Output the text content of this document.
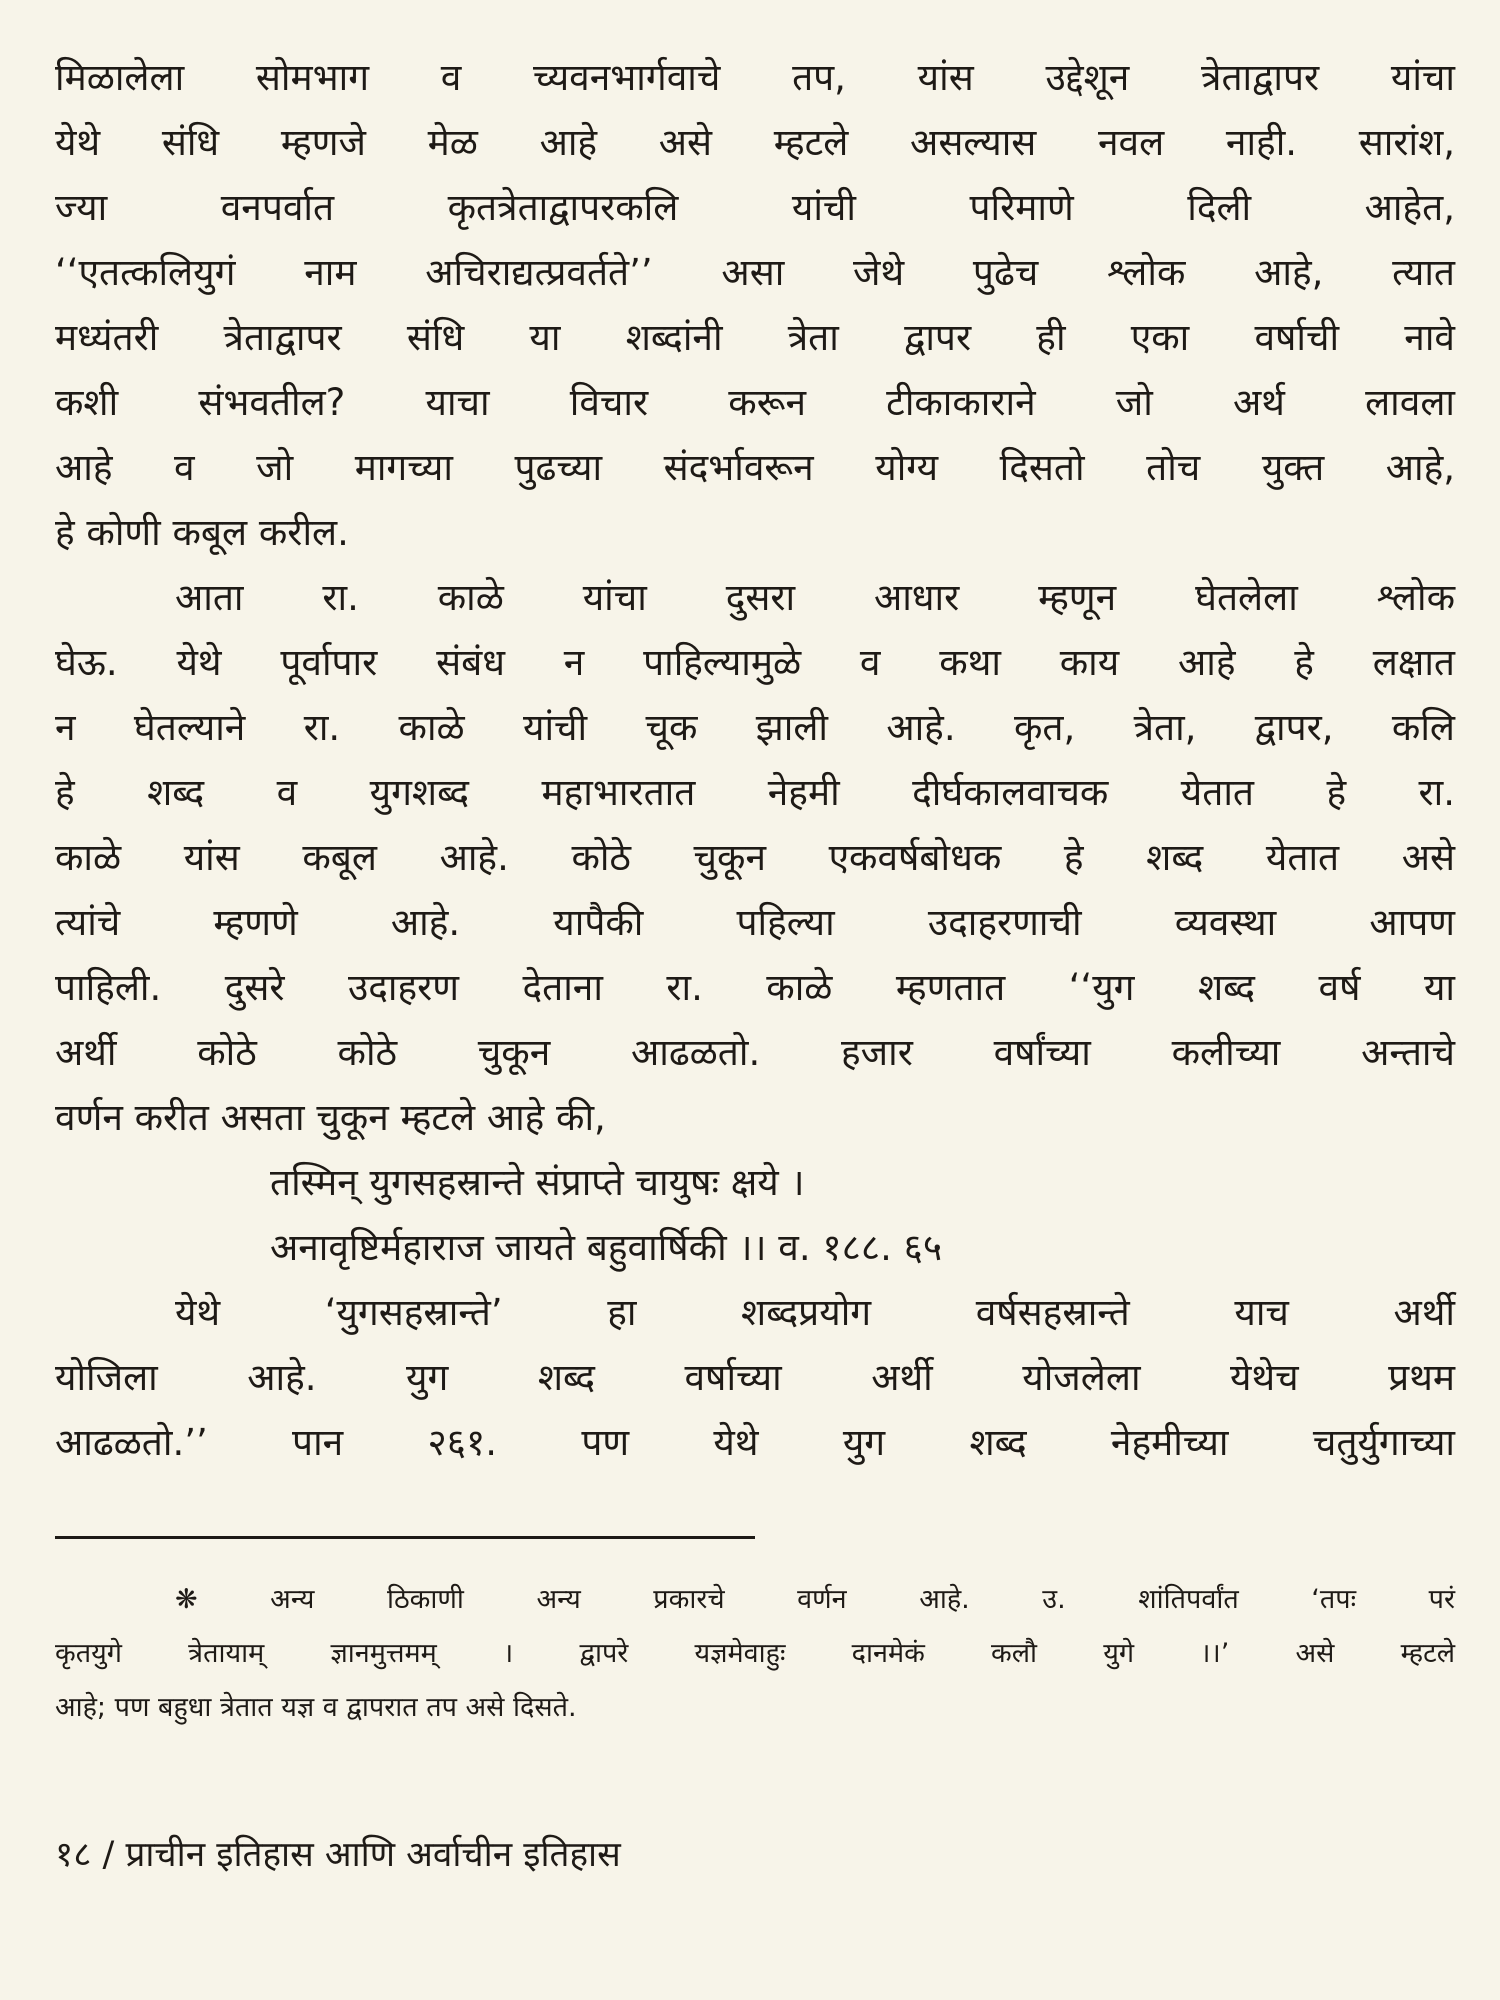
मिळालेला सोमभाग व च्यवनभार्गवाचे तप, यांस उद्देशून त्रेताद्वापर यांचा
येथे संधि म्हणजे मेळ आहे असे म्हटले असल्यास नवल नाही. सारांश,
ज्या वनपर्वात कृतत्रेताद्वापरकलि यांची परिमाणे दिली आहेत,
‘‘एतत्कलियुगं नाम अचिराद्यत्प्रवर्तते’’ असा जेथे पुढेच श्लोक आहे, त्यात
मध्यंतरी त्रेताद्वापर संधि या शब्दांनी त्रेता द्वापर ही एका वर्षाची नावे
कशी संभवतील? याचा विचार करून टीकाकाराने जो अर्थ लावला
आहे व जो मागच्या पुढच्या संदर्भावरून योग्य दिसतो तोच युक्त आहे,
हे कोणी कबूल करील.
आता रा. काळे यांचा दुसरा आधार म्हणून घेतलेला श्लोक
घेऊ. येथे पूर्वापार संबंध न पाहिल्यामुळे व कथा काय आहे हे लक्षात
न घेतल्याने रा. काळे यांची चूक झाली आहे. कृत, त्रेता, द्वापर, कलि
हे शब्द व युगशब्द महाभारतात नेहमी दीर्घकालवाचक येतात हे रा.
काळे यांस कबूल आहे. कोठे चुकून एकवर्षबोधक हे शब्द येतात असे
त्यांचे म्हणणे आहे. यापैकी पहिल्या उदाहरणाची व्यवस्था आपण
पाहिली. दुसरे उदाहरण देताना रा. काळे म्हणतात ‘‘युग शब्द वर्ष या
अर्थी कोठे कोठे चुकून आढळतो. हजार वर्षांच्या कलीच्या अन्ताचे
वर्णन करीत असता चुकून म्हटले आहे की,
तस्मिन् युगसहस्रान्ते संप्राप्ते चायुषः क्षये ।
अनावृष्टिर्महाराज जायते बहुवार्षिकी ।। व. १८८. ६५
येथे ‘युगसहस्रान्ते’ हा शब्दप्रयोग वर्षसहस्रान्ते याच अर्थी
योजिला आहे. युग शब्द वर्षाच्या अर्थी योजलेला येथेच प्रथम
आढळतो.’’ पान २६१. पण येथे युग शब्द नेहमीच्या चतुर्युगाच्या
❋ अन्य ठिकाणी अन्य प्रकारचे वर्णन आहे. उ. शांतिपर्वांत ‘तपः परं
कृतयुगे त्रेतायाम् ज्ञानमुत्तमम् । द्वापरे यज्ञमेवाहुः दानमेकं कलौ युगे ।।’ असे म्हटले
आहे; पण बहुधा त्रेतात यज्ञ व द्वापरात तप असे दिसते.
१८ / प्राचीन इतिहास आणि अर्वाचीन इतिहास
